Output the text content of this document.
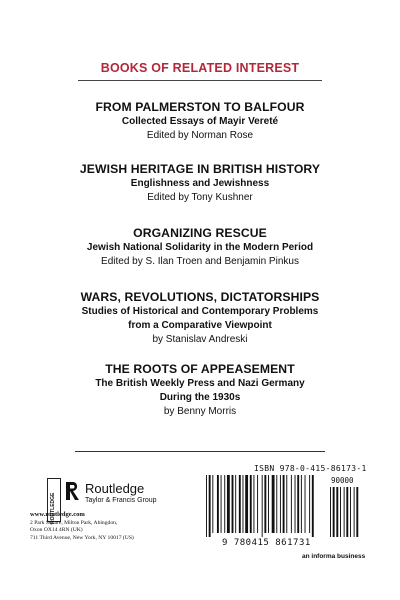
BOOKS OF RELATED INTEREST
FROM PALMERSTON TO BALFOUR
Collected Essays of Mayir Vereté
Edited by Norman Rose
JEWISH HERITAGE IN BRITISH HISTORY
Englishness and Jewishness
Edited by Tony Kushner
ORGANIZING RESCUE
Jewish National Solidarity in the Modern Period
Edited by S. Ilan Troen and Benjamin Pinkus
WARS, REVOLUTIONS, DICTATORSHIPS
Studies of Historical and Contemporary Problems
from a Comparative Viewpoint
by Stanislav Andreski
THE ROOTS OF APPEASEMENT
The British Weekly Press and Nazi Germany
During the 1930s
by Benny Morris
ROUTLEDGE
Routledge
Taylor & Francis Group
www.routledge.com
2 Park Square, Milton Park, Abingdon,
Oxon OX14 4RN (UK)
711 Third Avenue, New York, NY 10017 (US)
ISBN 978-0-415-86173-1
90000
9 780415 861731
an informa business
